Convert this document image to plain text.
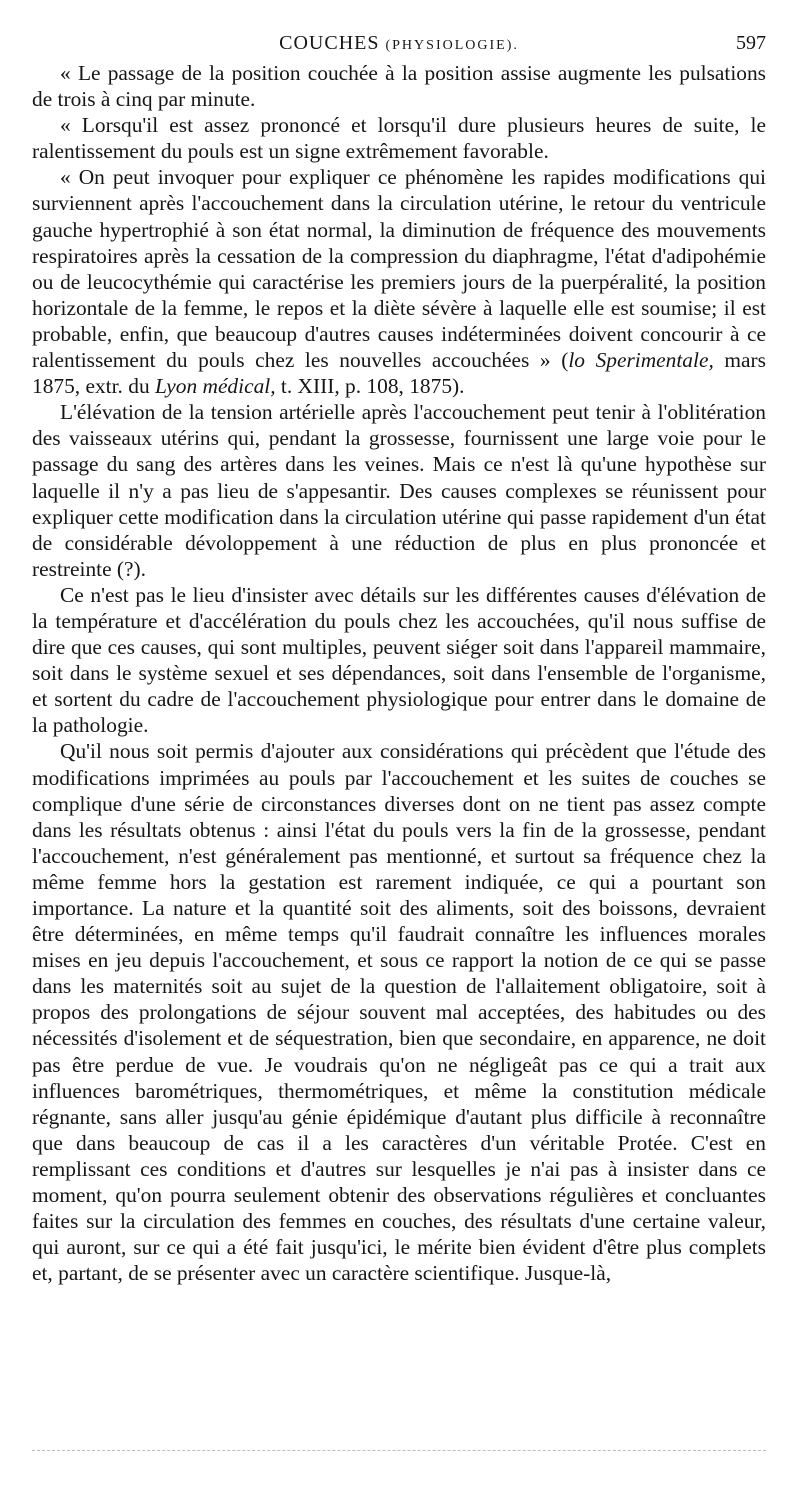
COUCHES (PHYSIOLOGIE).	597

« Le passage de la position couchée à la position assise augmente les pulsations de trois à cinq par minute.

« Lorsqu'il est assez prononcé et lorsqu'il dure plusieurs heures de suite, le ralentissement du pouls est un signe extrêmement favorable.

« On peut invoquer pour expliquer ce phénomène les rapides modifications qui surviennent après l'accouchement dans la circulation utérine, le retour du ventricule gauche hypertrophié à son état normal, la diminution de fréquence des mouvements respiratoires après la cessation de la compression du diaphragme, l'état d'adipohémie ou de leucocythémie qui caractérise les premiers jours de la puerpéralité, la position horizontale de la femme, le repos et la diète sévère à laquelle elle est soumise; il est probable, enfin, que beaucoup d'autres causes indéterminées doivent concourir à ce ralentissement du pouls chez les nouvelles accouchées » (lo Sperimentale, mars 1875, extr. du Lyon médical, t. XIII, p. 108, 1875).

L'élévation de la tension artérielle après l'accouchement peut tenir à l'oblitération des vaisseaux utérins qui, pendant la grossesse, fournissent une large voie pour le passage du sang des artères dans les veines. Mais ce n'est là qu'une hypothèse sur laquelle il n'y a pas lieu de s'appesantir. Des causes complexes se réunissent pour expliquer cette modification dans la circulation utérine qui passe rapidement d'un état de considérable dévoloppement à une réduction de plus en plus prononcée et restreinte (?).

Ce n'est pas le lieu d'insister avec détails sur les différentes causes d'élévation de la température et d'accélération du pouls chez les accouchées, qu'il nous suffise de dire que ces causes, qui sont multiples, peuvent siéger soit dans l'appareil mammaire, soit dans le système sexuel et ses dépendances, soit dans l'ensemble de l'organisme, et sortent du cadre de l'accouchement physiologique pour entrer dans le domaine de la pathologie.

Qu'il nous soit permis d'ajouter aux considérations qui précèdent que l'étude des modifications imprimées au pouls par l'accouchement et les suites de couches se complique d'une série de circonstances diverses dont on ne tient pas assez compte dans les résultats obtenus : ainsi l'état du pouls vers la fin de la grossesse, pendant l'accouchement, n'est généralement pas mentionné, et surtout sa fréquence chez la même femme hors la gestation est rarement indiquée, ce qui a pourtant son importance. La nature et la quantité soit des aliments, soit des boissons, devraient être déterminées, en même temps qu'il faudrait connaître les influences morales mises en jeu depuis l'accouchement, et sous ce rapport la notion de ce qui se passe dans les maternités soit au sujet de la question de l'allaitement obligatoire, soit à propos des prolongations de séjour souvent mal acceptées, des habitudes ou des nécessités d'isolement et de séquestration, bien que secondaire, en apparence, ne doit pas être perdue de vue. Je voudrais qu'on ne négligeât pas ce qui a trait aux influences barométriques, thermométriques, et même la constitution médicale régnante, sans aller jusqu'au génie épidémique d'autant plus difficile à reconnaître que dans beaucoup de cas il a les caractères d'un véritable Protée. C'est en remplissant ces conditions et d'autres sur lesquelles je n'ai pas à insister dans ce moment, qu'on pourra seulement obtenir des observations régulières et concluantes faites sur la circulation des femmes en couches, des résultats d'une certaine valeur, qui auront, sur ce qui a été fait jusqu'ici, le mérite bien évident d'être plus complets et, partant, de se présenter avec un caractère scientifique. Jusque-là,
